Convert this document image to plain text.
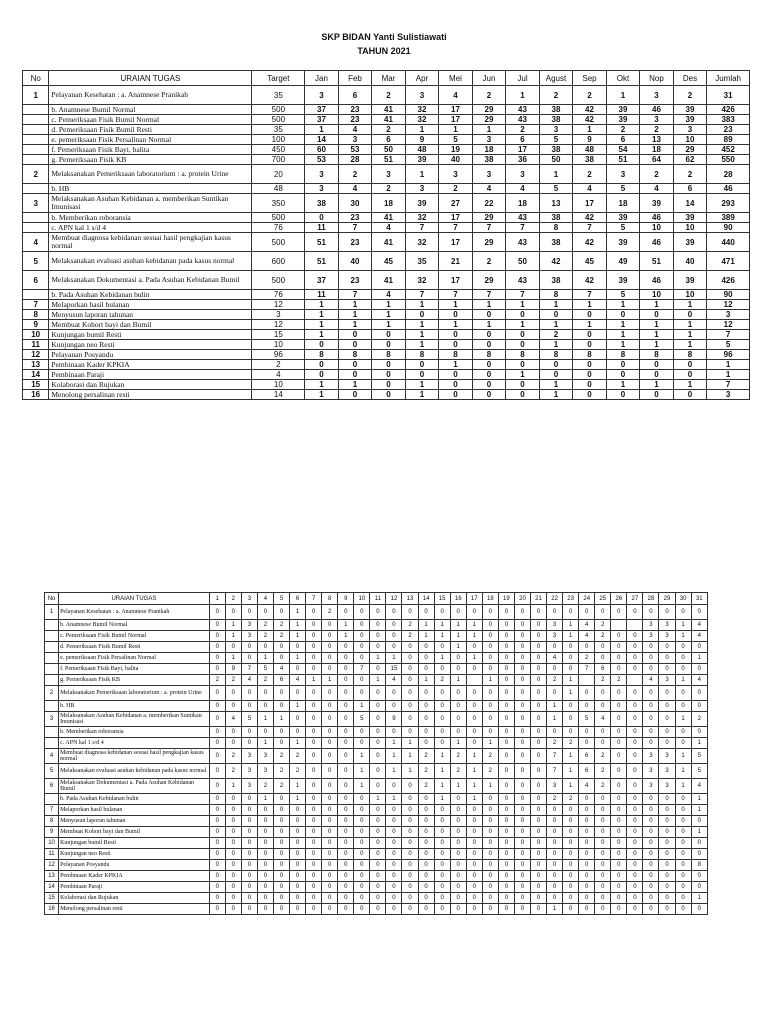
SKP BIDAN Yanti Sulistiawati
TAHUN 2021
No	URAIAN TUGAS	Target	Jan	Feb	Mar	Apr	Mei	Jun	Jul	Agust	Sep	Okt	Nop	Des	Jumlah
1	Pelayanan Kesehatan : a. Anamnese Pranikah	35	3	6	2	3	4	2	1	2	2	1	3	2	31
	b. Anamnese Bumil Normal	500	37	23	41	32	17	29	43	38	42	39	46	39	426
	c. Pemeriksaan Fisik Bumil Normal	500	37	23	41	32	17	29	43	38	42	39	3	39	383
	d. Pemeriksaan Fisik Bumil Resti	35	1	4	2	1	1	1	2	3	1	2	2	3	23
	e. pemeriksaan Fisik Persalinan Normal	100	14	3	6	9	5	3	6	5	9	6	13	10	89
	f. Pemeriksaan Fisik Bayi, balita	450	60	53	50	48	19	18	17	38	48	54	18	29	452
	g. Pemeriksaan Fisik KB	700	53	28	51	39	40	38	36	50	38	51	64	62	550
2	Melaksanakan Pemeriksaan laboratorium : a. protein Urine	20	3	2	3	1	3	3	3	1	2	3	2	2	28
	b. HB	48	3	4	2	3	2	4	4	5	4	5	4	6	46
3	Melaksanakan Asuhan Kebidanan a. memberikan Suntikan Imunisasi	350	38	30	18	39	27	22	18	13	17	18	39	14	293
	b. Memberikan roboransia	500	0	23	41	32	17	29	43	38	42	39	46	39	389
	c. APN kal 1 s/d 4	76	11	7	4	7	7	7	7	8	7	5	10	10	90
4	Membuat diagnosa kebidanan sesuai hasil pengkajian kasus normal	500	51	23	41	32	17	29	43	38	42	39	46	39	440
5	Melaksanakan evaluasi asuhan kebidanan pada kasus normal	600	51	40	45	35	21	2	50	42	45	49	51	40	471
6	Melaksanakan Dokumentasi a. Pada Asuhan Kebidanan Bumil	500	37	23	41	32	17	29	43	38	42	39	46	39	426
	b. Pada Asuhan Kebidanan bulin	76	11	7	4	7	7	7	7	8	7	5	10	10	90
7	Melaporkan hasil bulanan	12	1	1	1	1	1	1	1	1	1	1	1	1	12
8	Menyusun laporan tahunan	3	1	1	1	0	0	0	0	0	0	0	0	0	3
9	Membuat Kohort bayi dan Bumil	12	1	1	1	1	1	1	1	1	1	1	1	1	12
10	Kunjungan bumil Resti	15	1	0	0	1	0	0	0	2	0	1	1	1	7
11	Kunjungan neo Resti	10	0	0	0	1	0	0	0	1	0	1	1	1	5
12	Pelayanan Posyandu	96	8	8	8	8	8	8	8	8	8	8	8	8	96
13	Pembinaan Kader KPKIA	2	0	0	0	0	1	0	0	0	0	0	0	0	1
14	Pembinaan Paraji	4	0	0	0	0	0	0	1	0	0	0	0	0	1
15	Kolaborasi dan Rujukan	10	1	1	0	1	0	0	0	1	0	1	1	1	7
16	Menolong persalinan resti	14	1	0	0	1	0	0	0	1	0	0	0	0	3
No	URAIAN TUGAS	1	2	3	4	5	6	7	8	9	10	11	12	13	14	15	16	17	18	19	20	21	22	23	24	25	26	27	28	29	30	31
1	Pelayanan Kesehatan : a. Anamnese Pranikah	0	0	0	0	0	1	0	2	0	0	0	0	0	0	0	0	0	0	0	0	0	0	0	0	0	0	0	0	0	0	0
	b. Anamnese Bumil Normal	0	1	3	2	2	1	0	0	1	0	0	0	2	1	1	1	1	0	0	0	0	3	1	4	2			3	3	1	4
	c. Pemeriksaan Fisik Bumil Normal	0	1	3	2	2	1	0	0	1	0	0	0	2	1	1	1	1	0	0	0	0	3	1	4	2	0	0	3	3	1	4
	d. Pemeriksaan Fisik Bumil Resti	0	0	0	0	0	0	0	0	0	0	0	0	0	0	0	1	0	0	0	0	0	0	0	0	0	0	0	0	0	0	0
	e. pemeriksaan Fisik Persalinan Normal	0	1	0	1	0	1	0	0	0	0	1	1	0	0	1	0	1	0	0	0	0	4	0	2	0	0	0	0	0	0	1
	f. Pemeriksaan Fisik Bayi, balita	0	9	7	5	4	0	0	0	0	7	0	15	0	0	0	0	0	0	0	0	0	0	0	7	6	0	0	0	0	0	0
	g. Pemeriksaan Fisik KB	2	2	4	2	6	4	1	1	0	0	1	4	0	1	2	1		1	0	0	0	2	1		2	2		4	3	1	4
2	Melaksanakan Pemeriksaan laboratorium : a. protein Urine	0	0	0	0	0	0	0	0	0	0	0	0	0	0	0	0	0	0	0	0	0	0	1	0	0	0	0	0	0	0	0
	b. HB	0	0	0	0	0	1	0	0	0	1	0	0	0	0	0	0	0	0	0	0	0	1	0	0	0	0	0	0	0	0	0
3	Melaksanakan Asuhan Kebidanan a. memberikan Suntikan Imunisasi	0	4	5	1	1	0	0	0	0	5	0	9	0	0	0	0	0	0	0	0	0	1	0	5	4	0	0	0	0	1	2
	b. Memberikan roboransia	0	0	0	0	0	0	0	0	0	0	0	0	0	0	0	0	0	0	0	0	0	0	0	0	0	0	0	0	0	0	0
	c. APN kal 1 s/d 4	0	0	0	1	0	1	0	0	0	0	0	1	1	0	0	1	0	1	0	0	0	2	2	0	0	0	0	0	0	0	1
4	Membuat diagnosa kebidanan sesuai hasil pengkajian kasus normal	0	2	3	3	2	2	0	0	0	1	0	1	1	2	1	2	1	2	0	0	0	7	1	6	2	0	0	3	3	1	5
5	Melaksanakan evaluasi asuhan kebidanan pada kasus normal	0	2	3	3	2	2	0	0	0	1	0	1	1	2	1	2	1	2	0	0	0	7	1	6	2	0	0	3	3	1	5
6	Melaksanakan Dokumentasi a. Pada Asuhan Kebidanan Bumil	0	1	3	2	2	1	0	0	0	1	0	0	0	2	1	1	1	1	0	0	0	3	1	4	2	0	0	3	3	1	4
	b. Pada Asuhan Kebidanan bulin	0	0	0	1	0	1	0	0	0	0	1	1	0	0	1	0	1	0	0	0	0	2	2	0	0	0	0	0	0	0	1
7	Melaporkan hasil bulanan	0	0	0	0	0	0	0	0	0	0	0	0	0	0	0	0	0	0	0	0	0	0	0	0	0	0	0	0	0	0	1
8	Menyusun laporan tahunan	0	0	0	0	0	0	0	0	0	0	0	0	0	0	0	0	0	0	0	0	0	0	0	0	0	0	0	0	0	0	0
9	Membuat Kohort bayi dan Bumil	0	0	0	0	0	0	0	0	0	0	0	0	0	0	0	0	0	0	0	0	0	0	0	0	0	0	0	0	0	0	1
10	Kunjungan bumil Resti	0	0	0	0	0	0	0	0	0	0	0	0	0	0	0	0	0	0	0	0	0	0	0	0	0	0	0	0	0	0	0
11	Kunjungan neo Resti	0	0	0	0	0	0	0	0	0	0	0	0	0	0	0	0	0	0	0	0	0	0	0	0	0	0	0	0	0	0	0
12	Pelayanan Posyandu	0	0	0	0	0	0	0	0	0	0	0	0	0	0	0	0	0	0	0	0	0	0	0	0	0	0	0	0	0	0	8
13	Pembinaan Kader KPKIA	0	0	0	0	0	0	0	0	0	0	0	0	0	0	0	0	0	0	0	0	0	0	0	0	0	0	0	0	0	0	0
14	Pembinaan Paraji	0	0	0	0	0	0	0	0	0	0	0	0	0	0	0	0	0	0	0	0	0	0	0	0	0	0	0	0	0	0	0
15	Kolaborasi dan Rujukan	0	0	0	0	0	0	0	0	0	0	0	0	0	0	0	0	0	0	0	0	0	0	0	0	0	0	0	0	0	0	1
16	Menolong persalinan resti	0	0	0	0	0	0	0	0	0	0	0	0	0	0	0	0	0	0	0	0	0	1	0	0	0	0	0	0	0	0	0
